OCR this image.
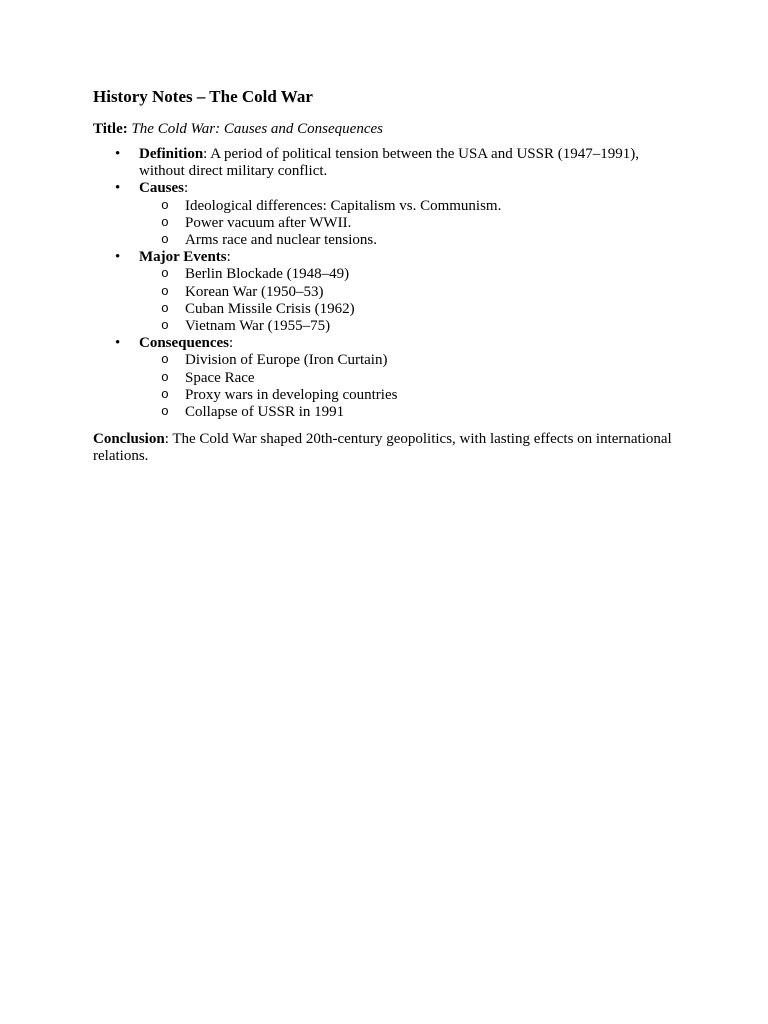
History Notes – The Cold War
Title: The Cold War: Causes and Consequences
• Definition: A period of political tension between the USA and USSR (1947–1991), without direct military conflict.
• Causes:
o Ideological differences: Capitalism vs. Communism.
o Power vacuum after WWII.
o Arms race and nuclear tensions.
• Major Events:
o Berlin Blockade (1948–49)
o Korean War (1950–53)
o Cuban Missile Crisis (1962)
o Vietnam War (1955–75)
• Consequences:
o Division of Europe (Iron Curtain)
o Space Race
o Proxy wars in developing countries
o Collapse of USSR in 1991

Conclusion: The Cold War shaped 20th-century geopolitics, with lasting effects on international relations.
